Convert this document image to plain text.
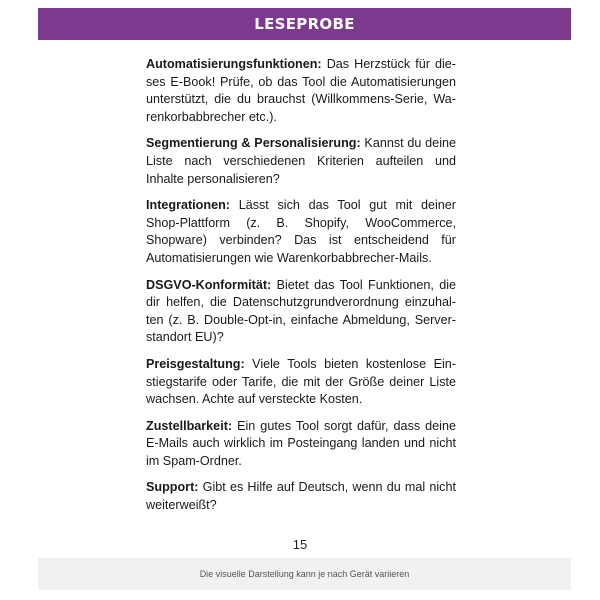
LESEPROBE

Automatisierungsfunktionen: Das Herzstück für dieses E-Book! Prüfe, ob das Tool die Automatisierungen unterstützt, die du brauchst (Willkommens-Serie, Warenkorbabbrecher etc.).

Segmentierung & Personalisierung: Kannst du deine Liste nach verschiedenen Kriterien aufteilen und Inhalte personalisieren?

Integrationen: Lässt sich das Tool gut mit deiner Shop-Plattform (z. B. Shopify, WooCommerce, Shopware) verbinden? Das ist entscheidend für Automatisierungen wie Warenkorbabbrecher-Mails.

DSGVO-Konformität: Bietet das Tool Funktionen, die dir helfen, die Datenschutzgrundverordnung einzuhalten (z. B. Double-Opt-in, einfache Abmeldung, Serverstandort EU)?

Preisgestaltung: Viele Tools bieten kostenlose Einstiegstarife oder Tarife, die mit der Größe deiner Liste wachsen. Achte auf versteckte Kosten.

Zustellbarkeit: Ein gutes Tool sorgt dafür, dass deine E-Mails auch wirklich im Posteingang landen und nicht im Spam-Ordner.

Support: Gibt es Hilfe auf Deutsch, wenn du mal nicht weiterweißt?

15
Die visuelle Darstellung kann je nach Gerät variieren
